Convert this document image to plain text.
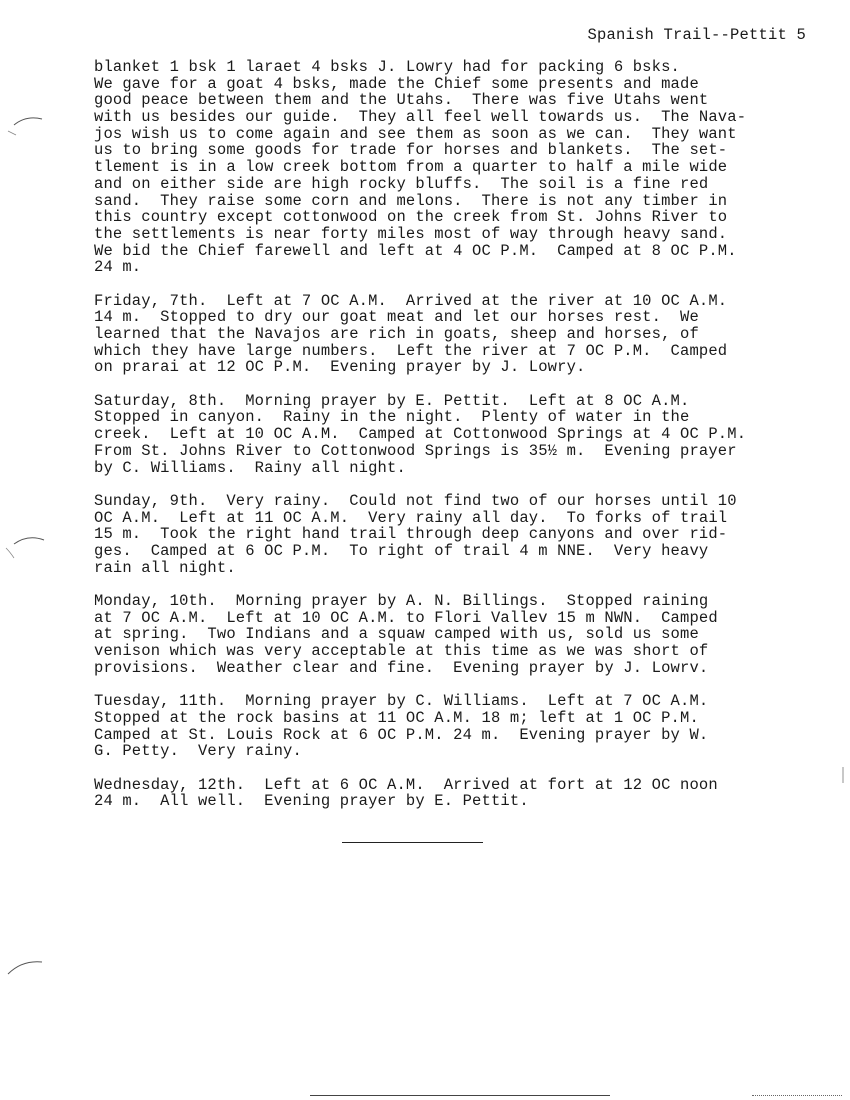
Spanish Trail--Pettit 5
blanket 1 bsk 1 laraet 4 bsks J. Lowry had for packing 6 bsks.
We gave for a goat 4 bsks, made the Chief some presents and made
good peace between them and the Utahs.  There was five Utahs went
with us besides our guide.  They all feel well towards us.  The Nava-
jos wish us to come again and see them as soon as we can.  They want
us to bring some goods for trade for horses and blankets.  The set-
tlement is in a low creek bottom from a quarter to half a mile wide
and on either side are high rocky bluffs.  The soil is a fine red
sand.  They raise some corn and melons.  There is not any timber in
this country except cottonwood on the creek from St. Johns River to
the settlements is near forty miles most of way through heavy sand.
We bid the Chief farewell and left at 4 OC P.M.  Camped at 8 OC P.M.
24 m.
Friday, 7th.  Left at 7 OC A.M.  Arrived at the river at 10 OC A.M.
14 m.  Stopped to dry our goat meat and let our horses rest.  We
learned that the Navajos are rich in goats, sheep and horses, of
which they have large numbers.  Left the river at 7 OC P.M.  Camped
on prarai at 12 OC P.M.  Evening prayer by J. Lowry.
Saturday, 8th.  Morning prayer by E. Pettit.  Left at 8 OC A.M.
Stopped in canyon.  Rainy in the night.  Plenty of water in the
creek.  Left at 10 OC A.M.  Camped at Cottonwood Springs at 4 OC P.M.
From St. Johns River to Cottonwood Springs is 35½ m.  Evening prayer
by C. Williams.  Rainy all night.
Sunday, 9th.  Very rainy.  Could not find two of our horses until 10
OC A.M.  Left at 11 OC A.M.  Very rainy all day.  To forks of trail
15 m.  Took the right hand trail through deep canyons and over rid-
ges.  Camped at 6 OC P.M.  To right of trail 4 m NNE.  Very heavy
rain all night.
Monday, 10th.  Morning prayer by A. N. Billings.  Stopped raining
at 7 OC A.M.  Left at 10 OC A.M. to Flori Vallev 15 m NWN.  Camped
at spring.  Two Indians and a squaw camped with us, sold us some
venison which was very acceptable at this time as we was short of
provisions.  Weather clear and fine.  Evening prayer by J. Lowrv.
Tuesday, 11th.  Morning prayer by C. Williams.  Left at 7 OC A.M.
Stopped at the rock basins at 11 OC A.M. 18 m; left at 1 OC P.M.
Camped at St. Louis Rock at 6 OC P.M. 24 m.  Evening prayer by W.
G. Petty.  Very rainy.
Wednesday, 12th.  Left at 6 OC A.M.  Arrived at fort at 12 OC noon
24 m.  All well.  Evening prayer by E. Pettit.
